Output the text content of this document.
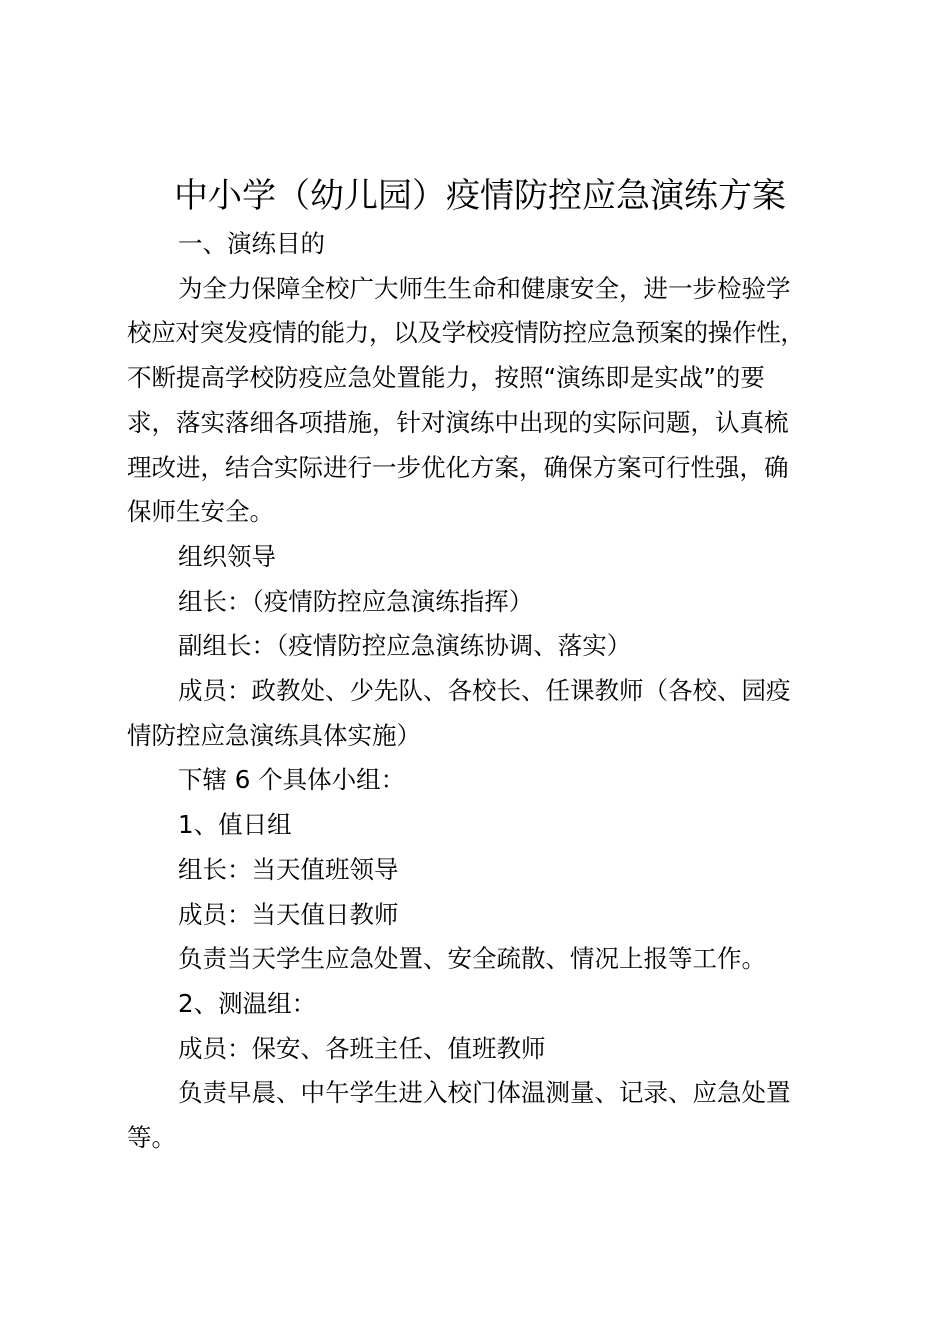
中小学（幼儿园）疫情防控应急演练方案

一、演练目的

为全力保障全校广大师生生命和健康安全，进一步检验学

校应对突发疫情的能力，以及学校疫情防控应急预案的操作性，

不断提高学校防疫应急处置能力，按照“演练即是实战”的要

求，落实落细各项措施，针对演练中出现的实际问题，认真梳

理改进，结合实际进行一步优化方案，确保方案可行性强，确

保师生安全。

组织领导

组长：（疫情防控应急演练指挥）

副组长：（疫情防控应急演练协调、落实）

成员：政教处、少先队、各校长、任课教师（各校、园疫

情防控应急演练具体实施）

下辖 6 个具体小组：

1、值日组

组长：当天值班领导

成员：当天值日教师

负责当天学生应急处置、安全疏散、情况上报等工作。

2、测温组：

成员：保安、各班主任、值班教师

负责早晨、中午学生进入校门体温测量、记录、应急处置

等。
